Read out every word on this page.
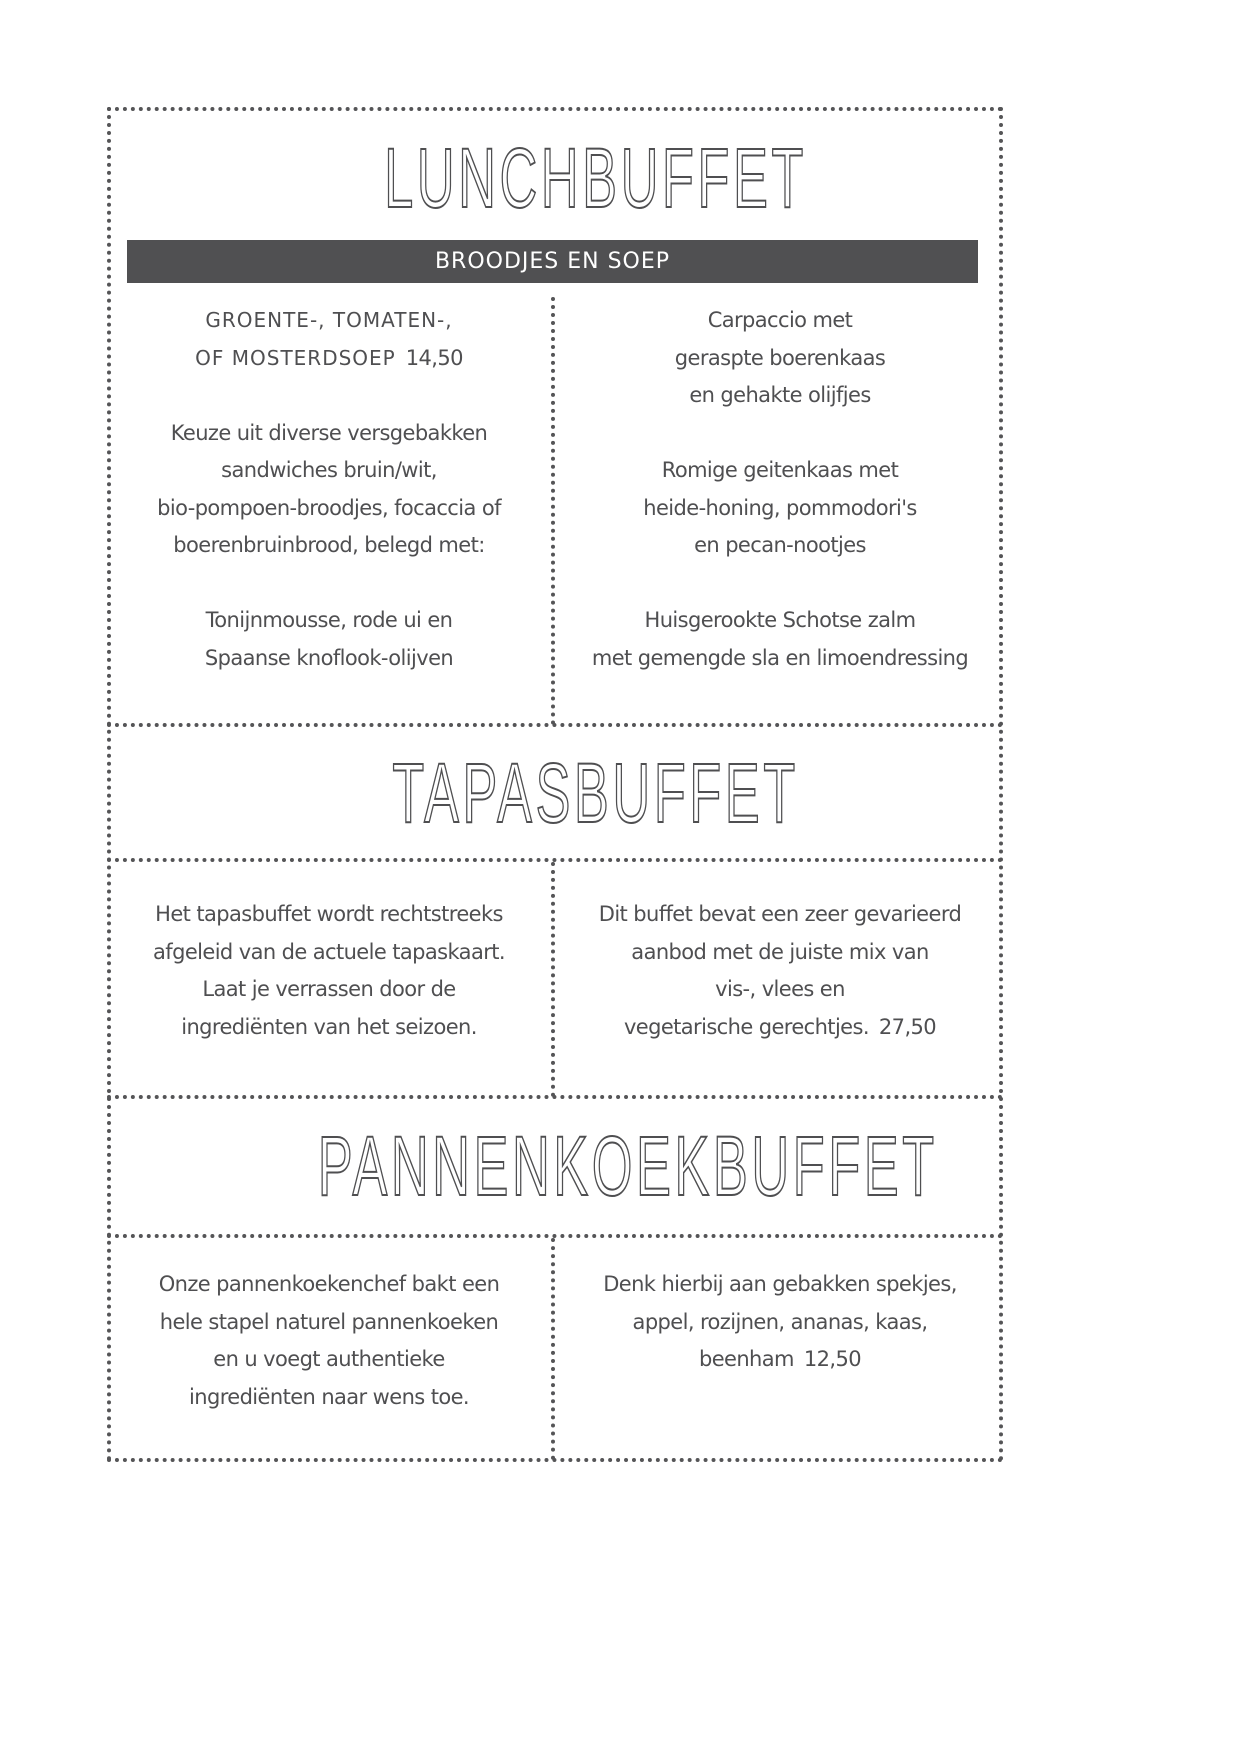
LUNCHBUFFET
BROODJES EN SOEP

GROENTE-, TOMATEN-,

OF MOSTERDSOEP 14,50

Keuze uit diverse versgebakken

sandwiches bruin/wit,

bio-pompoen-broodjes, focaccia of

boerenbruinbrood, belegd met:

Tonijnmousse, rode ui en

Spaanse knoflook-olijven

Carpaccio met

geraspte boerenkaas

en gehakte olijfjes

Romige geitenkaas met

heide-honing, pommodori's

en pecan-nootjes

Huisgerookte Schotse zalm

met gemengde sla en limoendressing

TAPASBUFFET

Het tapasbuffet wordt rechtstreeks

afgeleid van de actuele tapaskaart.

Laat je verrassen door de

ingrediënten van het seizoen.

Dit buffet bevat een zeer gevarieerd

aanbod met de juiste mix van

vis-, vlees en

vegetarische gerechtjes. 27,50

PANNENKOEKBUFFET

Onze pannenkoekenchef bakt een

hele stapel naturel pannenkoeken

en u voegt authentieke

ingrediënten naar wens toe.

Denk hierbij aan gebakken spekjes,

appel, rozijnen, ananas, kaas,

beenham 12,50
